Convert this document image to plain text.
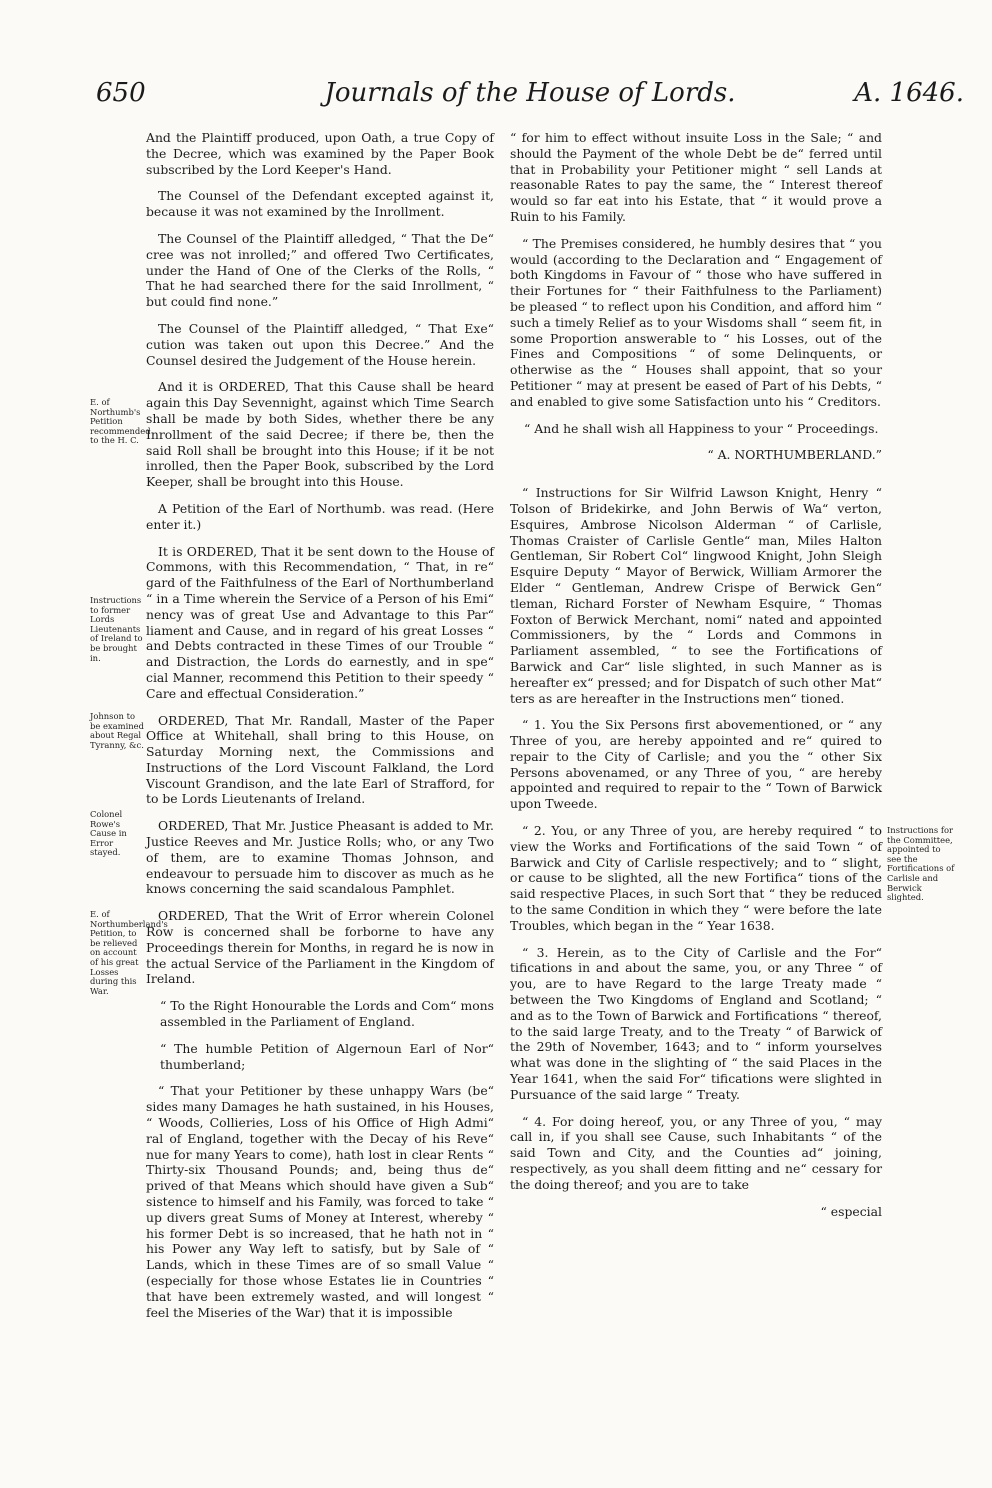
650	Journals of the House of Lords.	A. 1646.

And the Plaintiff produced, upon Oath, a true Copy of the Decree, which was examined by the Paper Book subscribed by the Lord Keeper's Hand.

The Counsel of the Defendant excepted against it, because it was not examined by the Inrollment.

The Counsel of the Plaintiff alledged, “ That the De“ cree was not inrolled;” and offered Two Certificates, under the Hand of One of the Clerks of the Rolls, “ That he had searched there for the said Inrollment, “ but could find none.”

The Counsel of the Plaintiff alledged, “ That Exe“ cution was taken out upon this Decree.” And the Counsel desired the Judgement of the House herein.

And it is ORDERED, That this Cause shall be heard again this Day Sevennight, against which Time Search shall be made by both Sides, whether there be any Inrollment of the said Decree; if there be, then the said Roll shall be brought into this House; if it be not inrolled, then the Paper Book, subscribed by the Lord Keeper, shall be brought into this House.

A Petition of the Earl of Northumb. was read. (Here enter it.)

It is ORDERED, That it be sent down to the House of Commons, with this Recommendation, “ That, in re“ gard of the Faithfulness of the Earl of Northumberland “ in a Time wherein the Service of a Person of his Emi“ nency was of great Use and Advantage to this Par“ liament and Cause, and in regard of his great Losses “ and Debts contracted in these Times of our Trouble “ and Distraction, the Lords do earnestly, and in spe“ cial Manner, recommend this Petition to their speedy “ Care and effectual Consideration.”

ORDERED, That Mr. Randall, Master of the Paper Office at Whitehall, shall bring to this House, on Saturday Morning next, the Commissions and Instructions of the Lord Viscount Falkland, the Lord Viscount Grandison, and the late Earl of Strafford, for to be Lords Lieutenants of Ireland.

ORDERED, That Mr. Justice Pheasant is added to Mr. Justice Reeves and Mr. Justice Rolls; who, or any Two of them, are to examine Thomas Johnson, and endeavour to persuade him to discover as much as he knows concerning the said scandalous Pamphlet.

ORDERED, That the Writ of Error wherein Colonel Row is concerned shall be forborne to have any Proceedings therein for Months, in regard he is now in the actual Service of the Parliament in the Kingdom of Ireland.

“ To the Right Honourable the Lords and Com“ mons assembled in the Parliament of England.

“ The humble Petition of Algernoun Earl of Nor“ thumberland;

“ That your Petitioner by these unhappy Wars (be“ sides many Damages he hath sustained, in his Houses, “ Woods, Collieries, Loss of his Office of High Admi“ ral of England, together with the Decay of his Reve“ nue for many Years to come), hath lost in clear Rents “ Thirty-six Thousand Pounds; and, being thus de“ prived of that Means which should have given a Sub“ sistence to himself and his Family, was forced to take “ up divers great Sums of Money at Interest, whereby “ his former Debt is so increased, that he hath not in “ his Power any Way left to satisfy, but by Sale of “ Lands, which in these Times are of so small Value “ (especially for those whose Estates lie in Countries “ that have been extremely wasted, and will longest “ feel the Miseries of the War) that it is impossible

“ for him to effect without insuite Loss in the Sale; “ and should the Payment of the whole Debt be de“ ferred until that in Probability your Petitioner might “ sell Lands at reasonable Rates to pay the same, the “ Interest thereof would so far eat into his Estate, that “ it would prove a Ruin to his Family.

“ The Premises considered, he humbly desires that “ you would (according to the Declaration and “ Engagement of both Kingdoms in Favour of “ those who have suffered in their Fortunes for “ their Faithfulness to the Parliament) be pleased “ to reflect upon his Condition, and afford him “ such a timely Relief as to your Wisdoms shall “ seem fit, in some Proportion answerable to “ his Losses, out of the Fines and Compositions “ of some Delinquents, or otherwise as the “ Houses shall appoint, that so your Petitioner “ may at present be eased of Part of his Debts, “ and enabled to give some Satisfaction unto his “ Creditors.

“ And he shall wish all Happiness to your “ Proceedings.

“ A. NORTHUMBERLAND.”

“ Instructions for Sir Wilfrid Lawson Knight, Henry “ Tolson of Bridekirke, and John Berwis of Wa“ verton, Esquires, Ambrose Nicolson Alderman “ of Carlisle, Thomas Craister of Carlisle Gentle“ man, Miles Halton Gentleman, Sir Robert Col“ lingwood Knight, John Sleigh Esquire Deputy “ Mayor of Berwick, William Armorer the Elder “ Gentleman, Andrew Crispe of Berwick Gen“ tleman, Richard Forster of Newham Esquire, “ Thomas Foxton of Berwick Merchant, nomi“ nated and appointed Commissioners, by the “ Lords and Commons in Parliament assembled, “ to see the Fortifications of Barwick and Car“ lisle slighted, in such Manner as is hereafter ex“ pressed; and for Dispatch of such other Mat“ ters as are hereafter in the Instructions men“ tioned.

“ 1. You the Six Persons first abovementioned, or “ any Three of you, are hereby appointed and re“ quired to repair to the City of Carlisle; and you the “ other Six Persons abovenamed, or any Three of you, “ are hereby appointed and required to repair to the “ Town of Barwick upon Tweede.

“ 2. You, or any Three of you, are hereby required “ to view the Works and Fortifications of the said Town “ of Barwick and City of Carlisle respectively; and to “ slight, or cause to be slighted, all the new Fortifica“ tions of the said respective Places, in such Sort that “ they be reduced to the same Condition in which they “ were before the late Troubles, which began in the “ Year 1638.

“ 3. Herein, as to the City of Carlisle and the For“ tifications in and about the same, you, or any Three “ of you, are to have Regard to the large Treaty made “ between the Two Kingdoms of England and Scotland; “ and as to the Town of Barwick and Fortifications “ thereof, to the said large Treaty, and to the Treaty “ of Barwick of the 29th of November, 1643; and to “ inform yourselves what was done in the slighting of “ the said Places in the Year 1641, when the said For“ tifications were slighted in Pursuance of the said large “ Treaty.

“ 4. For doing hereof, you, or any Three of you, “ may call in, if you shall see Cause, such Inhabitants “ of the said Town and City, and the Counties ad“ joining, respectively, as you shall deem fitting and ne“ cessary for the doing thereof; and you are to take

“ especial

E. of Northumb's Petition recommended to the H. C.
Instructions to former Lords Lieutenants of Ireland to be brought in.
Johnson to be examined about Regal Tyranny, &c.
Colonel Rowe's Cause in Error stayed.
E. of Northumberland's Petition, to be relieved on account of his great Losses during this War.
Instructions for the Committee, appointed to see the Fortifications of Carlisle and Berwick slighted.
